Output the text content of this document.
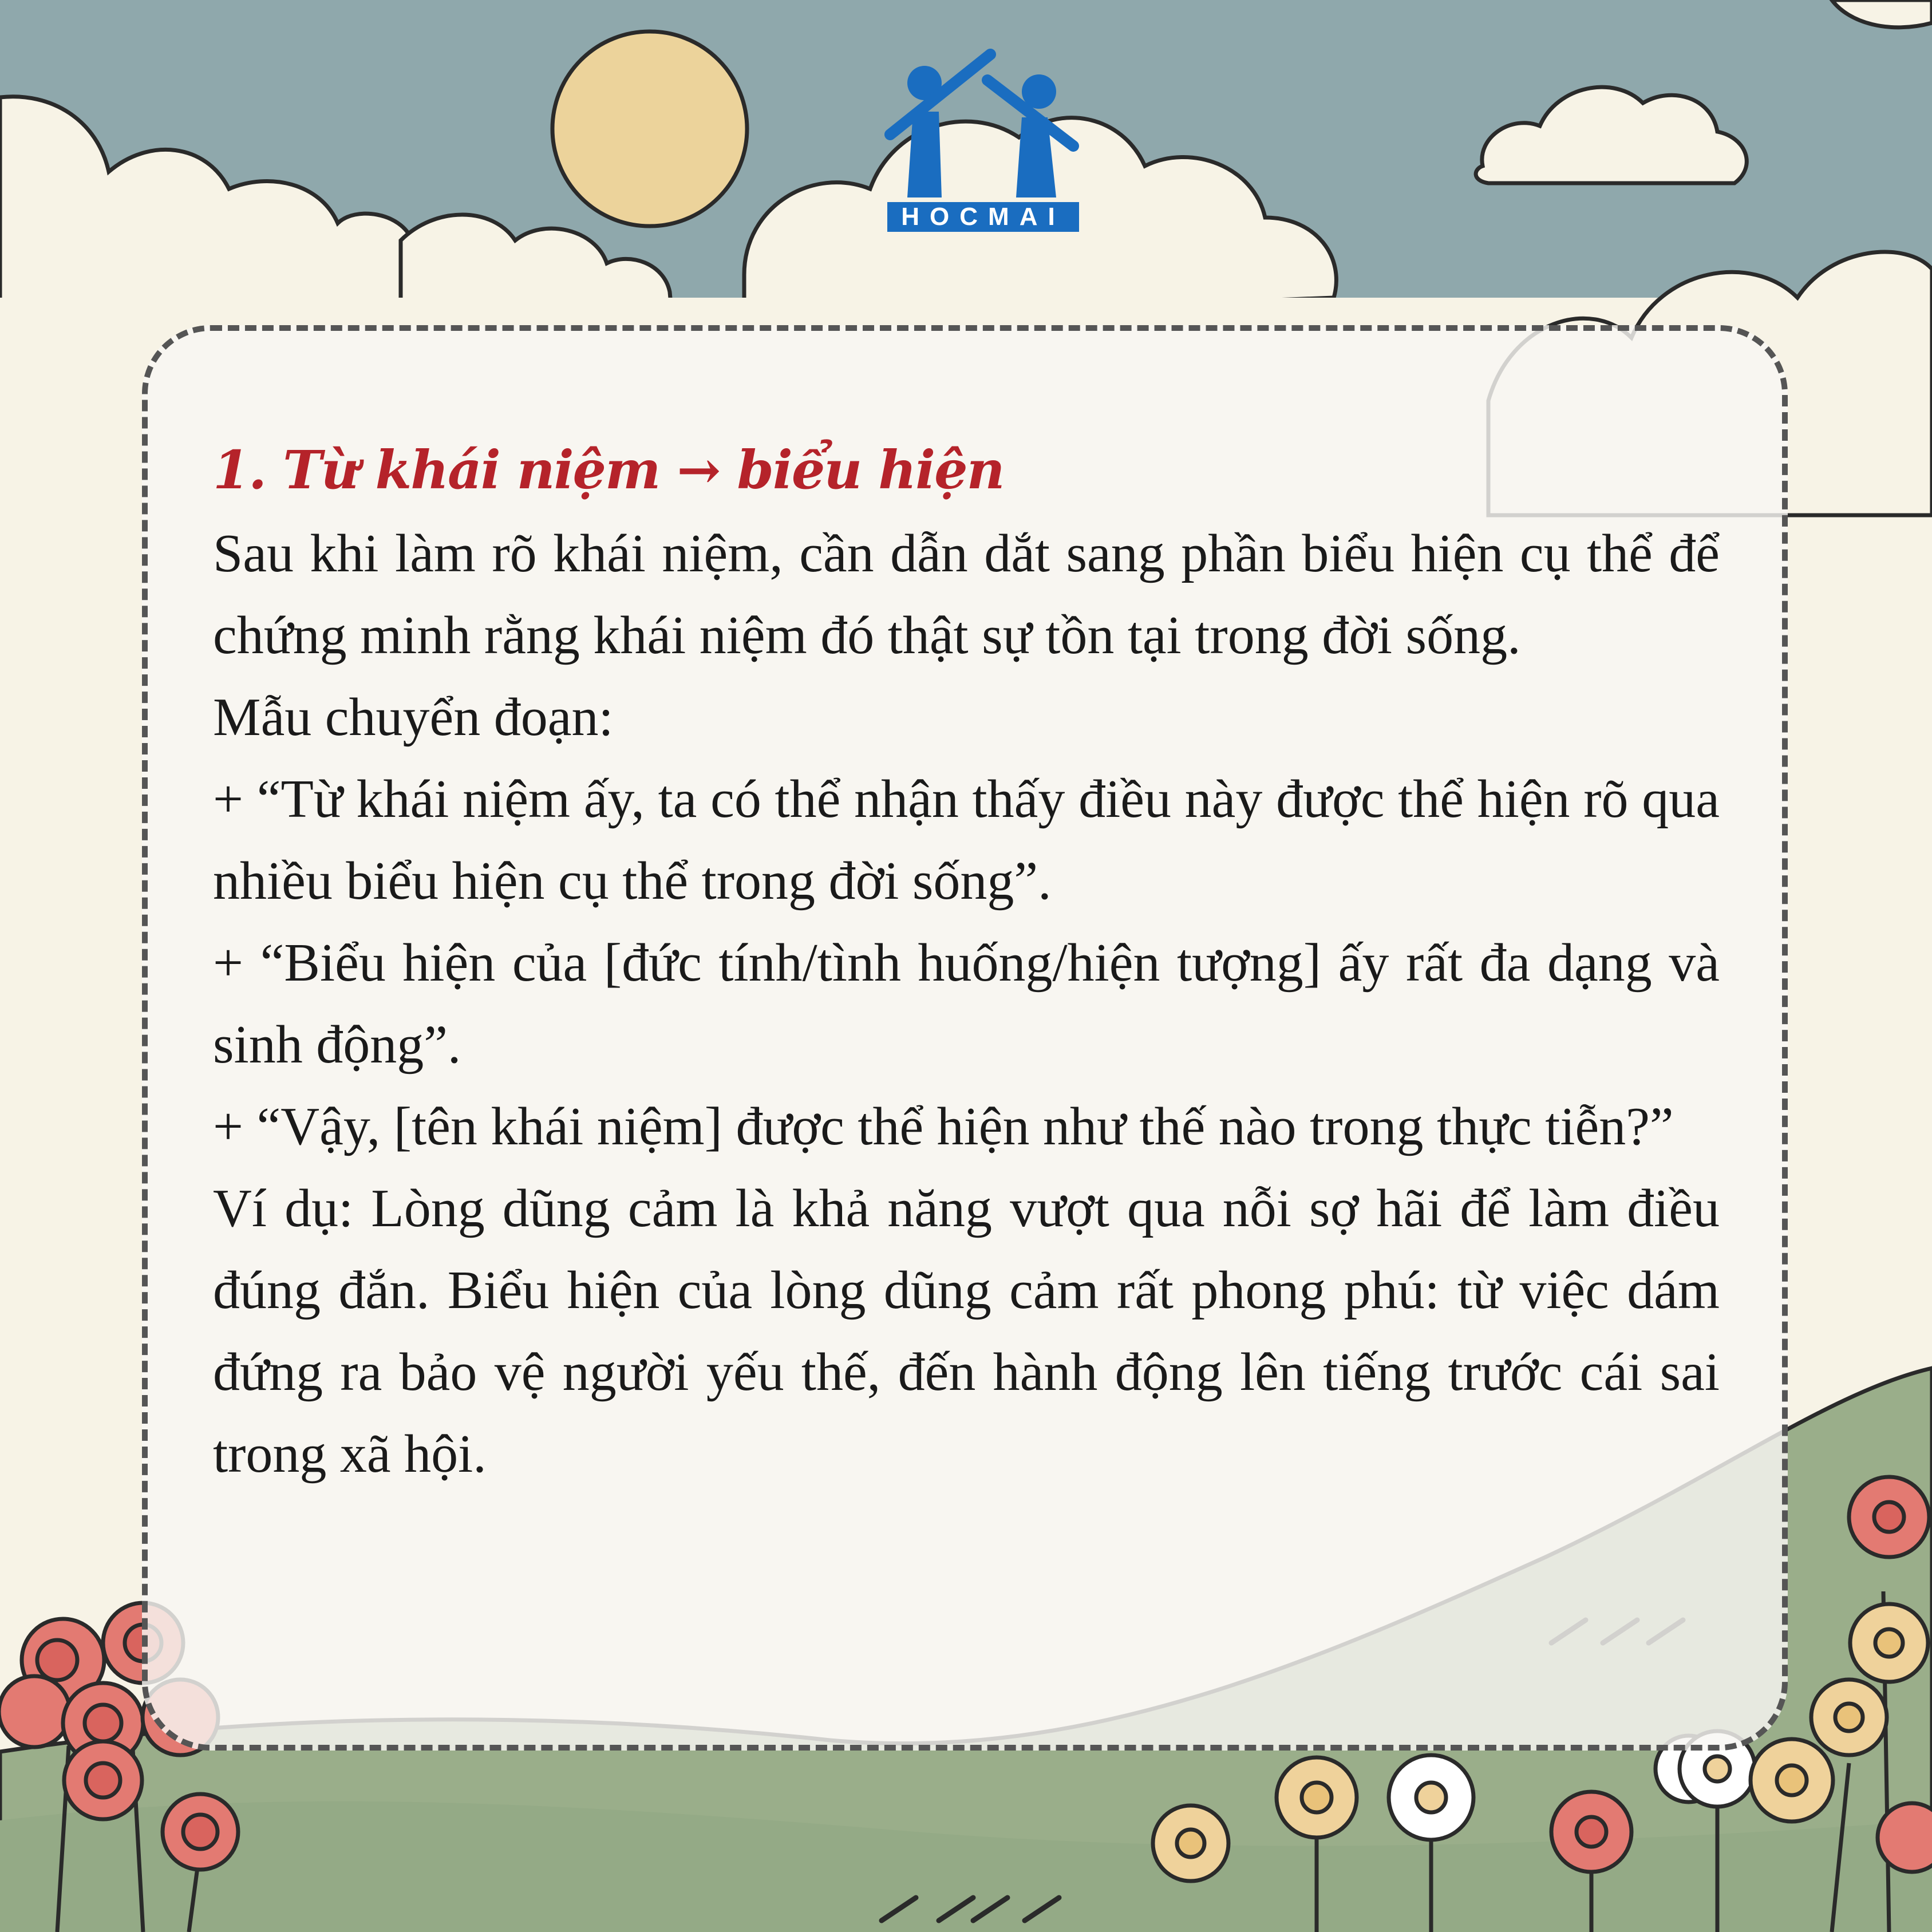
HOCMAI
1. Từ khái niệm → biểu hiện

Sau khi làm rõ khái niệm, cần dẫn dắt sang phần biểu hiện cụ thể để chứng minh rằng khái niệm đó thật sự tồn tại trong đời sống.

Mẫu chuyển đoạn:

+ “Từ khái niệm ấy, ta có thể nhận thấy điều này được thể hiện rõ qua nhiều biểu hiện cụ thể trong đời sống”.

+ “Biểu hiện của [đức tính/tình huống/hiện tượng] ấy rất đa dạng và sinh động”.

+ “Vậy, [tên khái niệm] được thể hiện như thế nào trong thực tiễn?”

Ví dụ: Lòng dũng cảm là khả năng vượt qua nỗi sợ hãi để làm điều đúng đắn. Biểu hiện của lòng dũng cảm rất phong phú: từ việc dám đứng ra bảo vệ người yếu thế, đến hành động lên tiếng trước cái sai trong xã hội.
